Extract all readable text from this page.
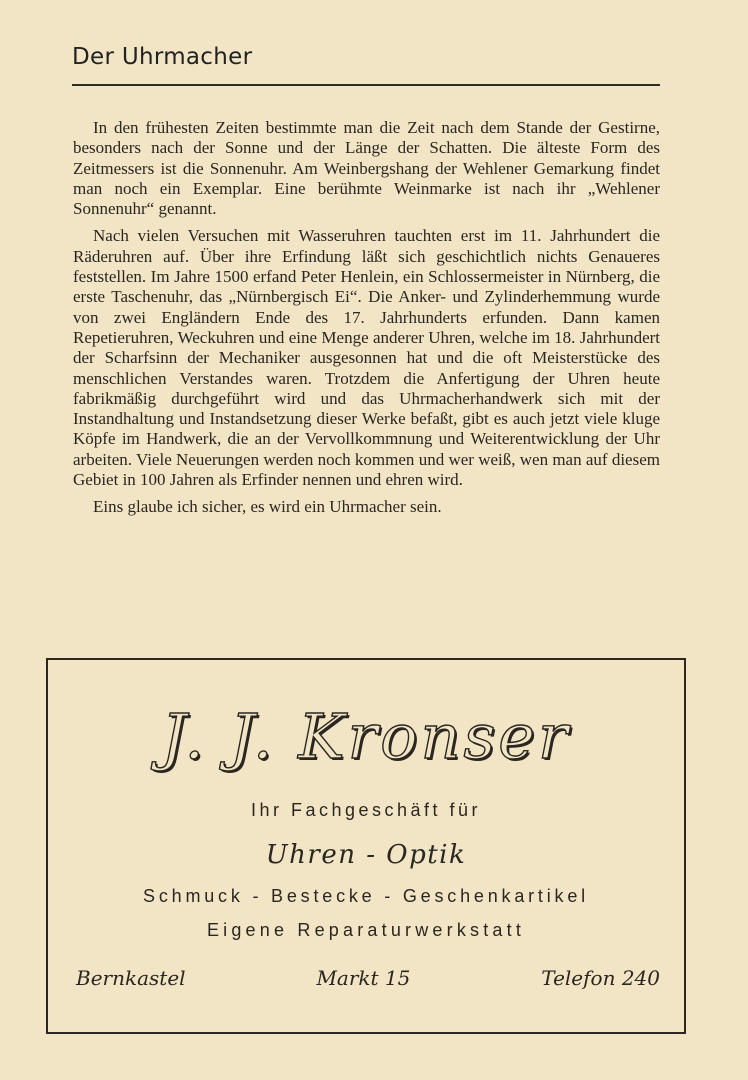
Der Uhrmacher

In den frühesten Zeiten bestimmte man die Zeit nach dem Stande der Gestirne, besonders nach der Sonne und der Länge der Schatten. Die älteste Form des Zeitmessers ist die Sonnenuhr. Am Weinbergshang der Wehlener Gemarkung findet man noch ein Exemplar. Eine berühmte Weinmarke ist nach ihr „Wehlener Sonnenuhr“ genannt.

Nach vielen Versuchen mit Wasseruhren tauchten erst im 11. Jahrhundert die Räderuhren auf. Über ihre Erfindung läßt sich geschichtlich nichts Genaueres feststellen. Im Jahre 1500 erfand Peter Henlein, ein Schlossermeister in Nürnberg, die erste Taschenuhr, das „Nürnbergisch Ei“. Die Anker- und Zylinderhemmung wurde von zwei Engländern Ende des 17. Jahrhunderts erfunden. Dann kamen Repetieruhren, Weckuhren und eine Menge anderer Uhren, welche im 18. Jahrhundert der Scharfsinn der Mechaniker ausgesonnen hat und die oft Meisterstücke des menschlichen Verstandes waren. Trotzdem die Anfertigung der Uhren heute fabrikmäßig durchgeführt wird und das Uhrmacherhandwerk sich mit der Instandhaltung und Instandsetzung dieser Werke befaßt, gibt es auch jetzt viele kluge Köpfe im Handwerk, die an der Vervollkommnung und Weiterentwicklung der Uhr arbeiten. Viele Neuerungen werden noch kommen und wer weiß, wen man auf diesem Gebiet in 100 Jahren als Erfinder nennen und ehren wird.

Eins glaube ich sicher, es wird ein Uhrmacher sein.

J. J. Kronser
Ihr Fachgeschäft für
Uhren - Optik
Schmuck - Bestecke - Geschenkartikel
Eigene Reparaturwerkstatt
Bernkastel	Markt 15	Telefon 240
